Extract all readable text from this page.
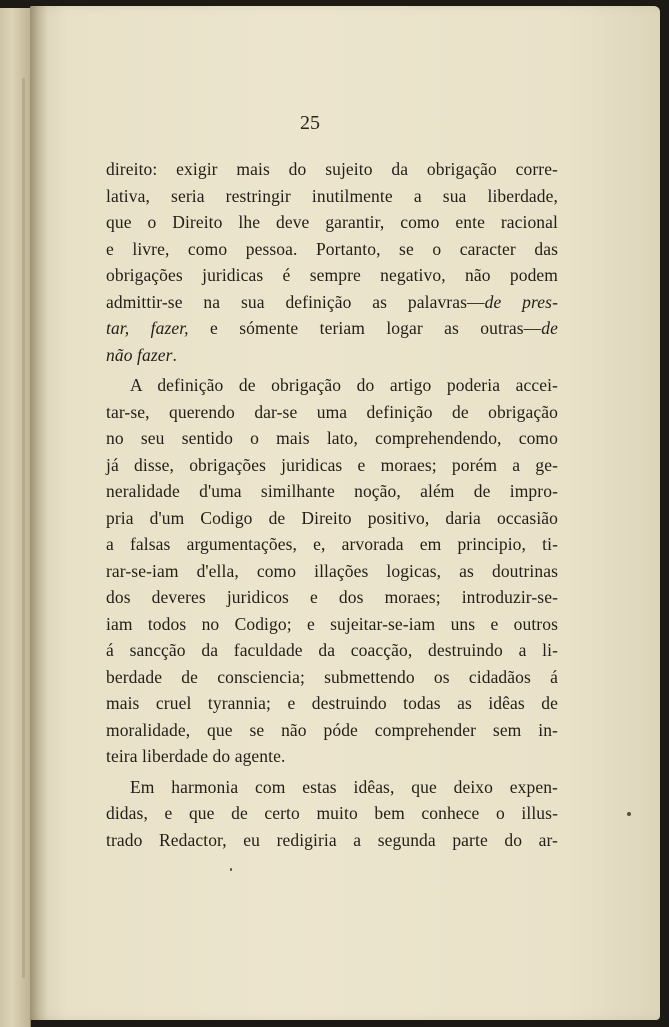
25
direito: exigir mais do sujeito da obrigação corre-
lativa, seria restringir inutilmente a sua liberdade,
que o Direito lhe deve garantir, como ente racional
e livre, como pessoa. Portanto, se o caracter das
obrigações juridicas é sempre negativo, não podem
admittir-se na sua definição as palavras—de pres-
tar, fazer, e sómente teriam logar as outras—de
não fazer.
A definição de obrigação do artigo poderia accei-
tar-se, querendo dar-se uma definição de obrigação
no seu sentido o mais lato, comprehendendo, como
já disse, obrigações juridicas e moraes; porém a ge-
neralidade d'uma similhante noção, além de impro-
pria d'um Codigo de Direito positivo, daria occasião
a falsas argumentações, e, arvorada em principio, ti-
rar-se-iam d'ella, como illações logicas, as doutrinas
dos deveres juridicos e dos moraes; introduzir-se-
iam todos no Codigo; e sujeitar-se-iam uns e outros
á sancção da faculdade da coacção, destruindo a li-
berdade de consciencia; submettendo os cidadãos á
mais cruel tyrannia; e destruindo todas as idêas de
moralidade, que se não póde comprehender sem in-
teira liberdade do agente.
Em harmonia com estas idêas, que deixo expen-
didas, e que de certo muito bem conhece o illus-
trado Redactor, eu redigiria a segunda parte do ar-
